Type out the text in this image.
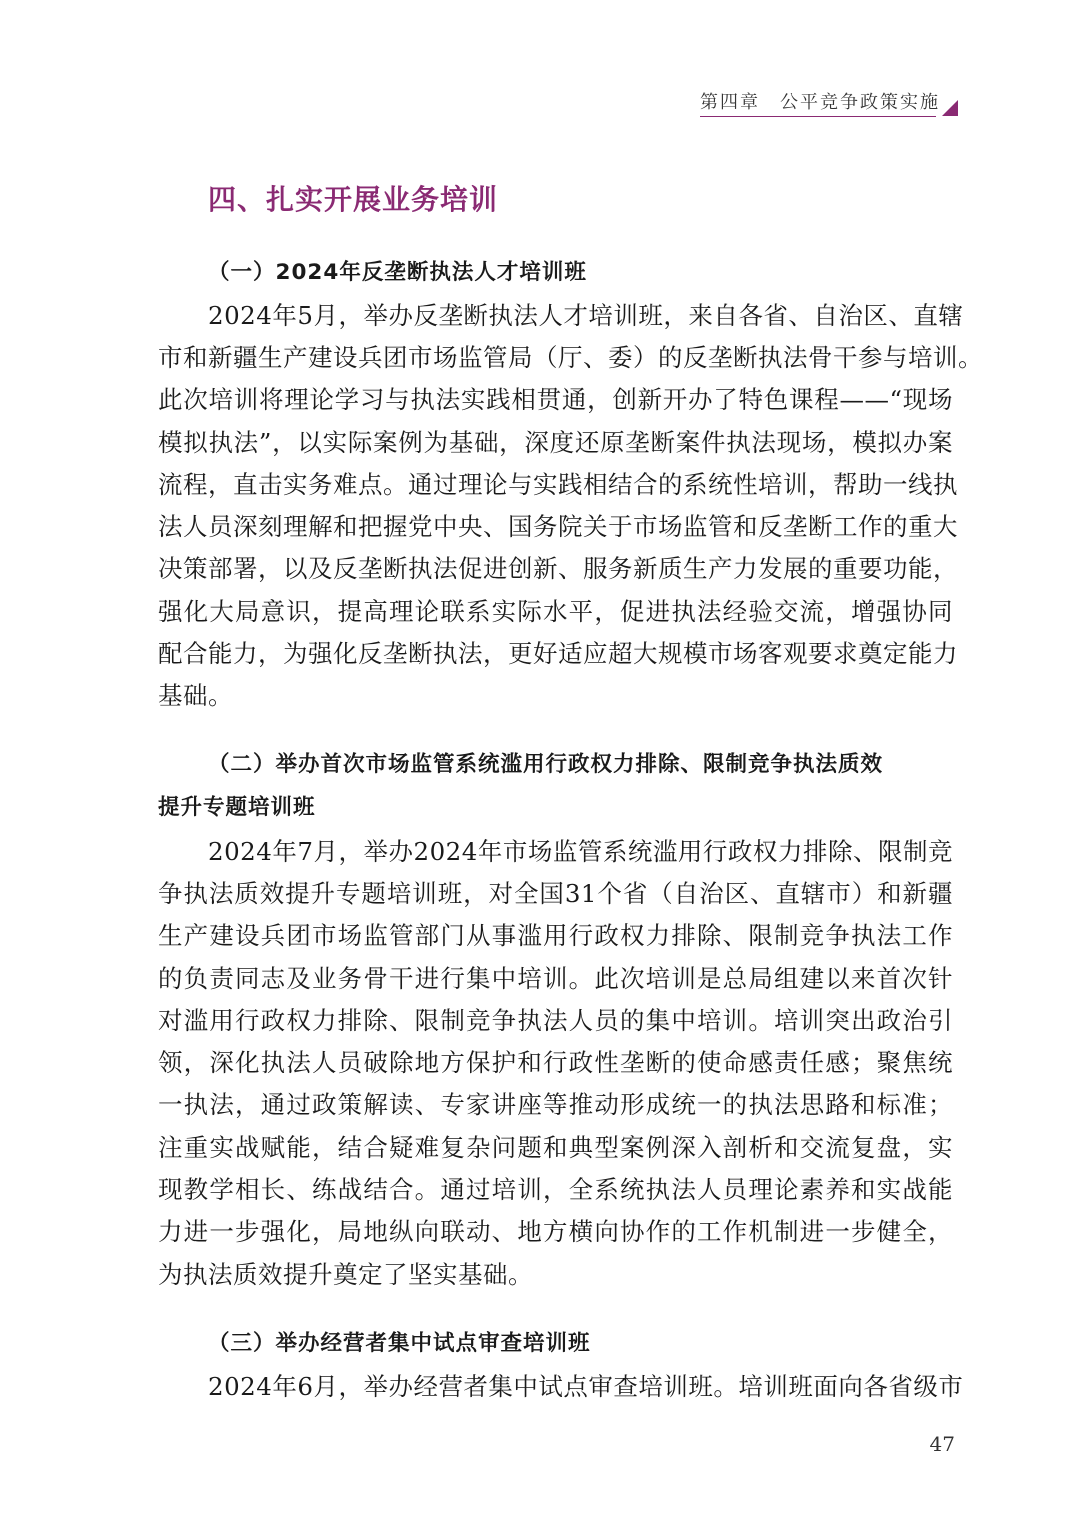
第四章　公平竞争政策实施
四、扎实开展业务培训
（一）2024年反垄断执法人才培训班
2024年5月，举办反垄断执法人才培训班，来自各省、自治区、直辖
市和新疆生产建设兵团市场监管局（厅、委）的反垄断执法骨干参与培训。
此次培训将理论学习与执法实践相贯通，创新开办了特色课程——“现场
模拟执法”，以实际案例为基础，深度还原垄断案件执法现场，模拟办案
流程，直击实务难点。通过理论与实践相结合的系统性培训，帮助一线执
法人员深刻理解和把握党中央、国务院关于市场监管和反垄断工作的重大
决策部署，以及反垄断执法促进创新、服务新质生产力发展的重要功能，
强化大局意识，提高理论联系实际水平，促进执法经验交流，增强协同
配合能力，为强化反垄断执法，更好适应超大规模市场客观要求奠定能力
基础。
（二）举办首次市场监管系统滥用行政权力排除、限制竞争执法质效
提升专题培训班
2024年7月，举办2024年市场监管系统滥用行政权力排除、限制竞
争执法质效提升专题培训班，对全国31个省（自治区、直辖市）和新疆
生产建设兵团市场监管部门从事滥用行政权力排除、限制竞争执法工作
的负责同志及业务骨干进行集中培训。此次培训是总局组建以来首次针
对滥用行政权力排除、限制竞争执法人员的集中培训。培训突出政治引
领，深化执法人员破除地方保护和行政性垄断的使命感责任感；聚焦统
一执法，通过政策解读、专家讲座等推动形成统一的执法思路和标准；
注重实战赋能，结合疑难复杂问题和典型案例深入剖析和交流复盘，实
现教学相长、练战结合。通过培训，全系统执法人员理论素养和实战能
力进一步强化，局地纵向联动、地方横向协作的工作机制进一步健全，
为执法质效提升奠定了坚实基础。
（三）举办经营者集中试点审查培训班
2024年6月，举办经营者集中试点审查培训班。培训班面向各省级市
47
